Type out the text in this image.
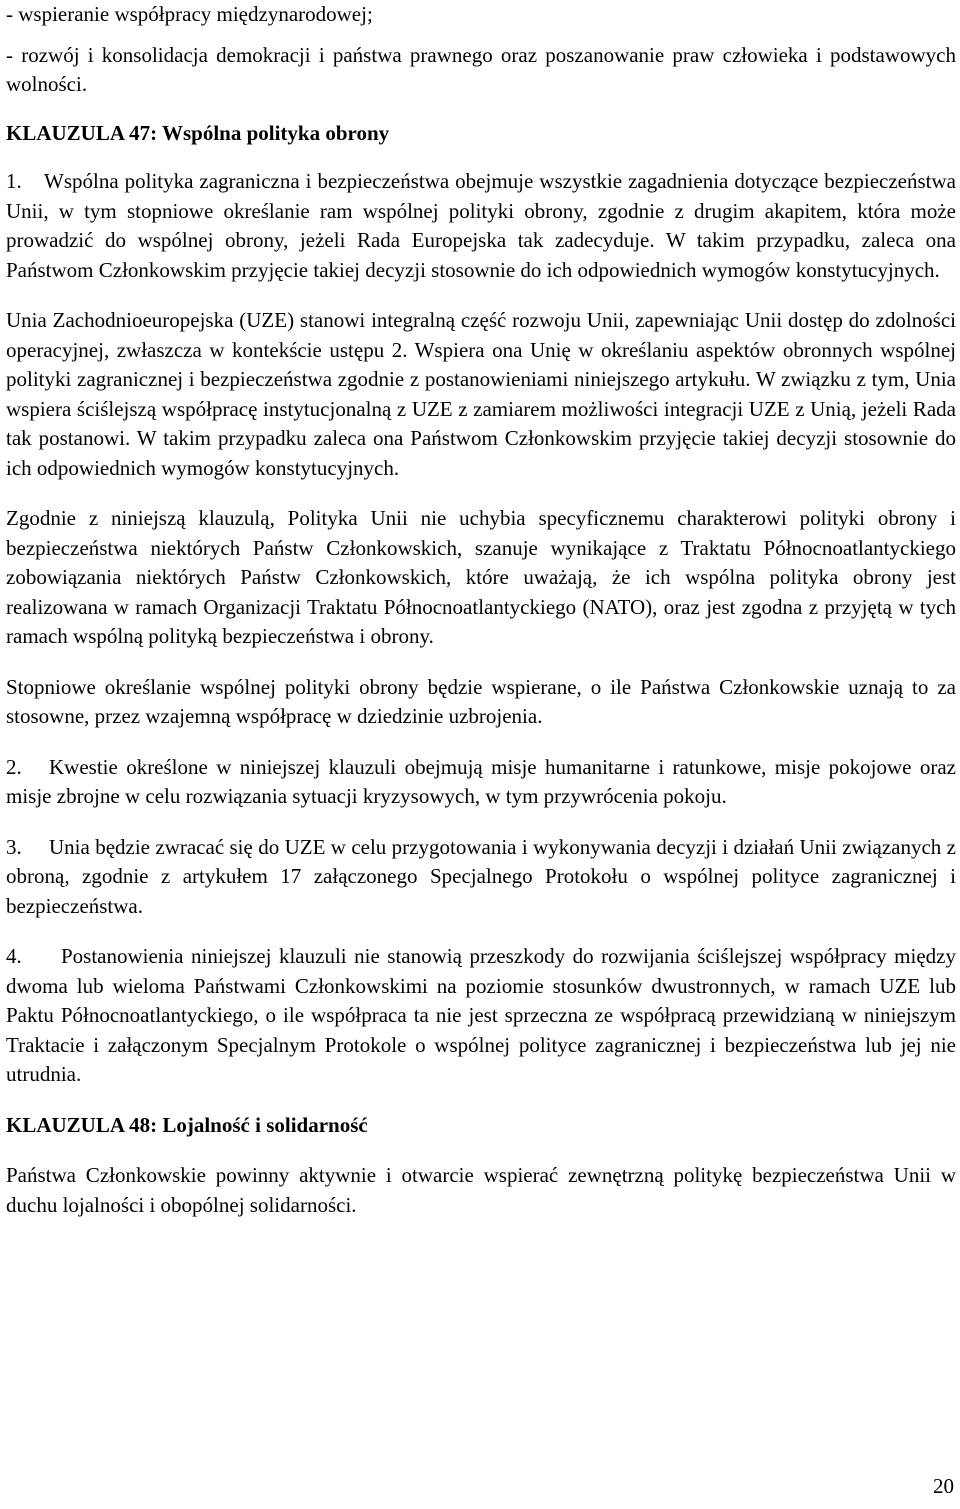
- wspieranie współpracy międzynarodowej;

- rozwój i konsolidacja demokracji i państwa prawnego oraz poszanowanie praw człowieka i podstawowych wolności.

KLAUZULA 47: Wspólna polityka obrony

1. Wspólna polityka zagraniczna i bezpieczeństwa obejmuje wszystkie zagadnienia dotyczące bezpieczeństwa Unii, w tym stopniowe określanie ram wspólnej polityki obrony, zgodnie z drugim akapitem, która może prowadzić do wspólnej obrony, jeżeli Rada Europejska tak zadecyduje. W takim przypadku, zaleca ona Państwom Członkowskim przyjęcie takiej decyzji stosownie do ich odpowiednich wymogów konstytucyjnych.

Unia Zachodnioeuropejska (UZE) stanowi integralną część rozwoju Unii, zapewniając Unii dostęp do zdolności operacyjnej, zwłaszcza w kontekście ustępu 2. Wspiera ona Unię w określaniu aspektów obronnych wspólnej polityki zagranicznej i bezpieczeństwa zgodnie z postanowieniami niniejszego artykułu. W związku z tym, Unia wspiera ściślejszą współpracę instytucjonalną z UZE z zamiarem możliwości integracji UZE z Unią, jeżeli Rada tak postanowi. W takim przypadku zaleca ona Państwom Członkowskim przyjęcie takiej decyzji stosownie do ich odpowiednich wymogów konstytucyjnych.

Zgodnie z niniejszą klauzulą, Polityka Unii nie uchybia specyficznemu charakterowi polityki obrony i bezpieczeństwa niektórych Państw Członkowskich, szanuje wynikające z Traktatu Północnoatlantyckiego zobowiązania niektórych Państw Członkowskich, które uważają, że ich wspólna polityka obrony jest realizowana w ramach Organizacji Traktatu Północnoatlantyckiego (NATO), oraz jest zgodna z przyjętą w tych ramach wspólną polityką bezpieczeństwa i obrony.

Stopniowe określanie wspólnej polityki obrony będzie wspierane, o ile Państwa Członkowskie uznają to za stosowne, przez wzajemną współpracę w dziedzinie uzbrojenia.

2. Kwestie określone w niniejszej klauzuli obejmują misje humanitarne i ratunkowe, misje pokojowe oraz misje zbrojne w celu rozwiązania sytuacji kryzysowych, w tym przywrócenia pokoju.

3. Unia będzie zwracać się do UZE w celu przygotowania i wykonywania decyzji i działań Unii związanych z obroną, zgodnie z artykułem 17 załączonego Specjalnego Protokołu o wspólnej polityce zagranicznej i bezpieczeństwa.

4. Postanowienia niniejszej klauzuli nie stanowią przeszkody do rozwijania ściślejszej współpracy między dwoma lub wieloma Państwami Członkowskimi na poziomie stosunków dwustronnych, w ramach UZE lub Paktu Północnoatlantyckiego, o ile współpraca ta nie jest sprzeczna ze współpracą przewidzianą w niniejszym Traktacie i załączonym Specjalnym Protokole o wspólnej polityce zagranicznej i bezpieczeństwa lub jej nie utrudnia.

KLAUZULA 48: Lojalność i solidarność

Państwa Członkowskie powinny aktywnie i otwarcie wspierać zewnętrzną politykę bezpieczeństwa Unii w duchu lojalności i obopólnej solidarności.

20
